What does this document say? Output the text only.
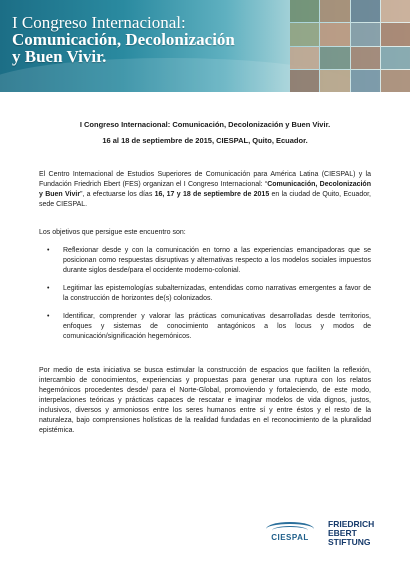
I Congreso Internacional:
Comunicación, Decolonización
y Buen Vivir.

I Congreso Internacional: Comunicación, Decolonización y Buen Vivir.

16 al 18 de septiembre de 2015, CIESPAL, Quito, Ecuador.

El Centro Internacional de Estudios Superiores de Comunicación para América Latina (CIESPAL) y la Fundación Friedrich Ebert (FES) organizan el I Congreso Internacional: “Comunicación, Decolonización y Buen Vivir”, a efectuarse los días 16, 17 y 18 de septiembre de 2015 en la ciudad de Quito, Ecuador, sede CIESPAL.

Los objetivos que persigue este encuentro son:

• Reflexionar desde y con la comunicación en torno a las experiencias emancipadoras que se posicionan como respuestas disruptivas y alternativas respecto a los modelos sociales impuestos durante siglos desde/para el occidente moderno-colonial.
• Legitimar las epistemologías subalternizadas, entendidas como narrativas emergentes a favor de la construcción de horizontes de(s) colonizados.
• Identificar, comprender y valorar las prácticas comunicativas desarrolladas desde territorios, enfoques y sistemas de conocimiento antagónicos a los locus y modos de comunicación/significación hegemónicos.

Por medio de esta iniciativa se busca estimular la construcción de espacios que faciliten la reflexión, intercambio de conocimientos, experiencias y propuestas para generar una ruptura con los relatos hegemónicos procedentes desde/ para el Norte-Global, promoviendo y fortaleciendo, de este modo, interpelaciones teóricas y prácticas capaces de rescatar e imaginar modelos de vida dignos, justos, inclusivos, diversos y armoniosos entre los seres humanos entre sí y entre éstos y el resto de la naturaleza, bajo comprensiones holísticas de la realidad fundadas en el reconocimiento de la pluralidad epistémica.

CIESPAL
FRIEDRICH
EBERT
STIFTUNG
